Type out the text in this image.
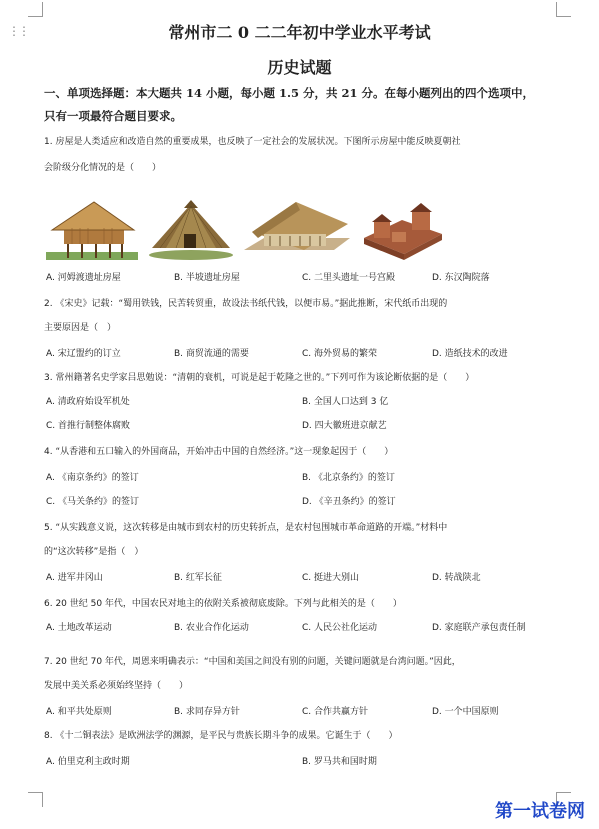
⋮⋮	常州市二 0 二二年初中学业水平考试
历史试题
一、单项选择题：本大题共 14 小题，每小题 1.5 分，共 21 分。在每小题列出的四个选项中，
只有一项最符合题目要求。
1. 房屋是人类适应和改造自然的重要成果，也反映了一定社会的发展状况。下图所示房屋中能反映夏朝社
会阶级分化情况的是（　　）
A. 河姆渡遗址房屋	B. 半坡遗址房屋	C. 二里头遗址一号宫殿	D. 东汉陶院落
2. 《宋史》记载：“蜀用铁钱，民苦转贸重，故设法书纸代钱，以便市易。”据此推断，宋代纸币出现的
主要原因是（　）
A. 宋辽盟约的订立	B. 商贸流通的需要	C. 海外贸易的繁荣	D. 造纸技术的改进
3. 常州籍著名史学家吕思勉说：“清朝的衰机，可说是起于乾隆之世的。”下列可作为该论断依据的是（　　）
A. 清政府始设军机处	B. 全国人口达到 3 亿
C. 首推行制整体腐败	D. 四大徽班进京献艺
4. “从香港和五口输入的外国商品，开始冲击中国的自然经济。”这一现象起因于（　　）
A. 《南京条约》的签订	B. 《北京条约》的签订
C. 《马关条约》的签订	D. 《辛丑条约》的签订
5. “从实践意义说，这次转移是由城市到农村的历史转折点，是农村包围城市革命道路的开端。”材料中
的“这次转移”是指（　）
A. 进军井冈山	B. 红军长征	C. 挺进大别山	D. 转战陕北
6. 20 世纪 50 年代，中国农民对地主的依附关系被彻底废除。下列与此相关的是（　　）
A. 土地改革运动	B. 农业合作化运动	C. 人民公社化运动	D. 家庭联产承包责任制
7. 20 世纪 70 年代，周恩来明确表示：“中国和美国之间没有别的问题，关键问题就是台湾问题。”因此，
发展中美关系必须始终坚持（　　）
A. 和平共处原则	B. 求同存异方针	C. 合作共赢方针	D. 一个中国原则
8. 《十二铜表法》是欧洲法学的渊源，是平民与贵族长期斗争的成果。它诞生于（　　）
A. 伯里克利主政时期	B. 罗马共和国时期
第一试卷网
